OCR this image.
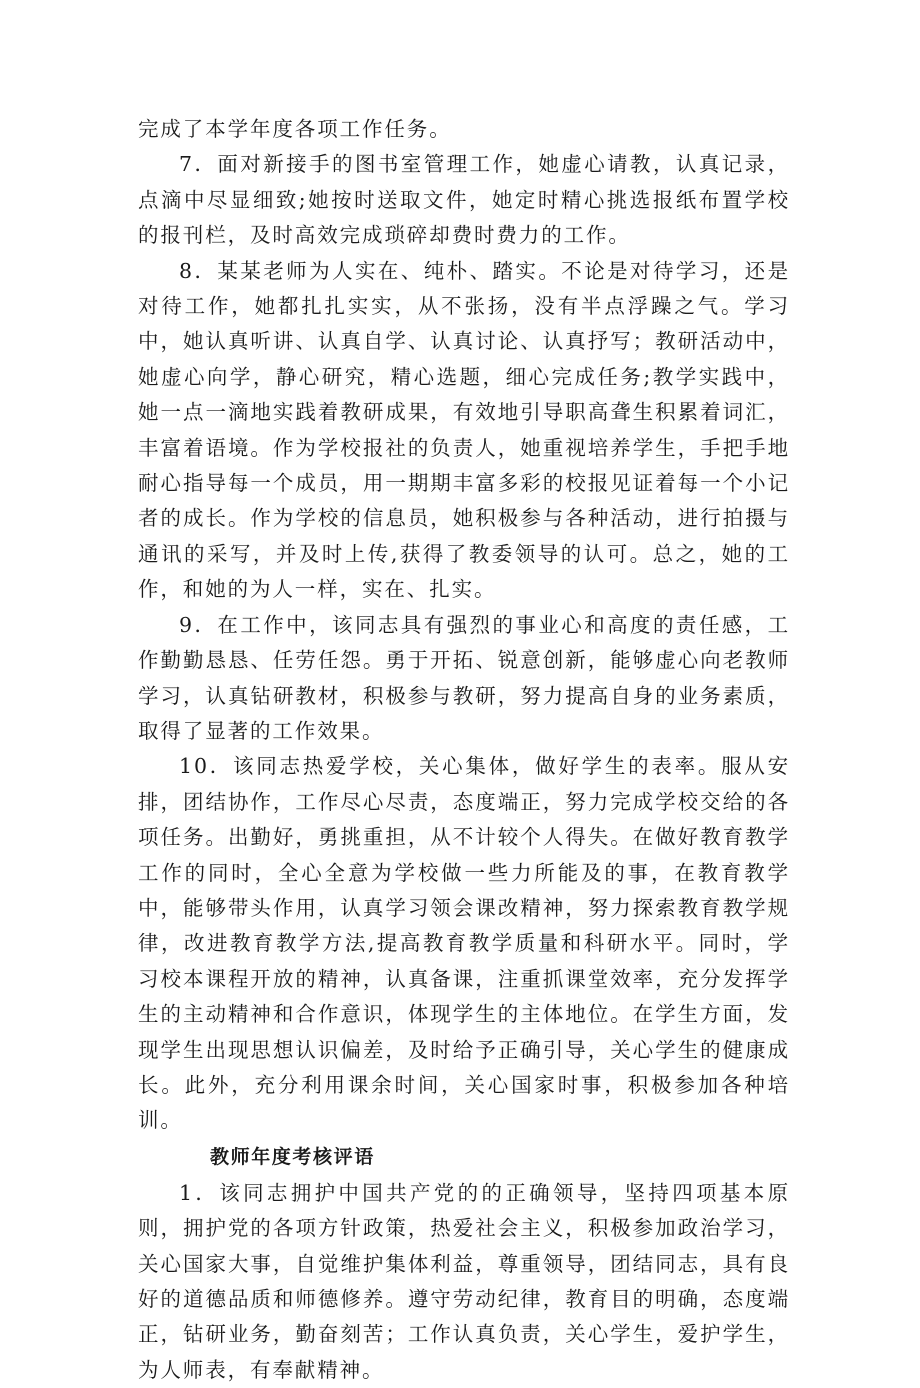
完成了本学年度各项工作任务。

7．面对新接手的图书室管理工作，她虚心请教，认真记录，点滴中尽显细致;她按时送取文件，她定时精心挑选报纸布置学校的报刊栏，及时高效完成琐碎却费时费力的工作。

8．某某老师为人实在、纯朴、踏实。不论是对待学习，还是对待工作，她都扎扎实实，从不张扬，没有半点浮躁之气。学习中，她认真听讲、认真自学、认真讨论、认真抒写；教研活动中，她虚心向学，静心研究，精心选题，细心完成任务;教学实践中，她一点一滴地实践着教研成果，有效地引导职高聋生积累着词汇，丰富着语境。作为学校报社的负责人，她重视培养学生，手把手地耐心指导每一个成员，用一期期丰富多彩的校报见证着每一个小记者的成长。作为学校的信息员，她积极参与各种活动，进行拍摄与通讯的采写，并及时上传,获得了教委领导的认可。总之，她的工作，和她的为人一样，实在、扎实。

9．在工作中，该同志具有强烈的事业心和高度的责任感，工作勤勤恳恳、任劳任怨。勇于开拓、锐意创新，能够虚心向老教师学习，认真钻研教材，积极参与教研，努力提高自身的业务素质，取得了显著的工作效果。

10．该同志热爱学校，关心集体，做好学生的表率。服从安排，团结协作，工作尽心尽责，态度端正，努力完成学校交给的各项任务。出勤好，勇挑重担，从不计较个人得失。在做好教育教学工作的同时，全心全意为学校做一些力所能及的事，在教育教学中，能够带头作用，认真学习领会课改精神，努力探索教育教学规律，改进教育教学方法,提高教育教学质量和科研水平。同时，学习校本课程开放的精神，认真备课，注重抓课堂效率，充分发挥学生的主动精神和合作意识，体现学生的主体地位。在学生方面，发现学生出现思想认识偏差，及时给予正确引导，关心学生的健康成长。此外，充分利用课余时间，关心国家时事，积极参加各种培训。

教师年度考核评语

1．该同志拥护中国共产党的的正确领导，坚持四项基本原则，拥护党的各项方针政策，热爱社会主义，积极参加政治学习，关心国家大事，自觉维护集体利益，尊重领导，团结同志，具有良好的道德品质和师德修养。遵守劳动纪律，教育目的明确，态度端正，钻研业务，勤奋刻苦；工作认真负责，关心学生，爱护学生，为人师表，有奉献精神。
